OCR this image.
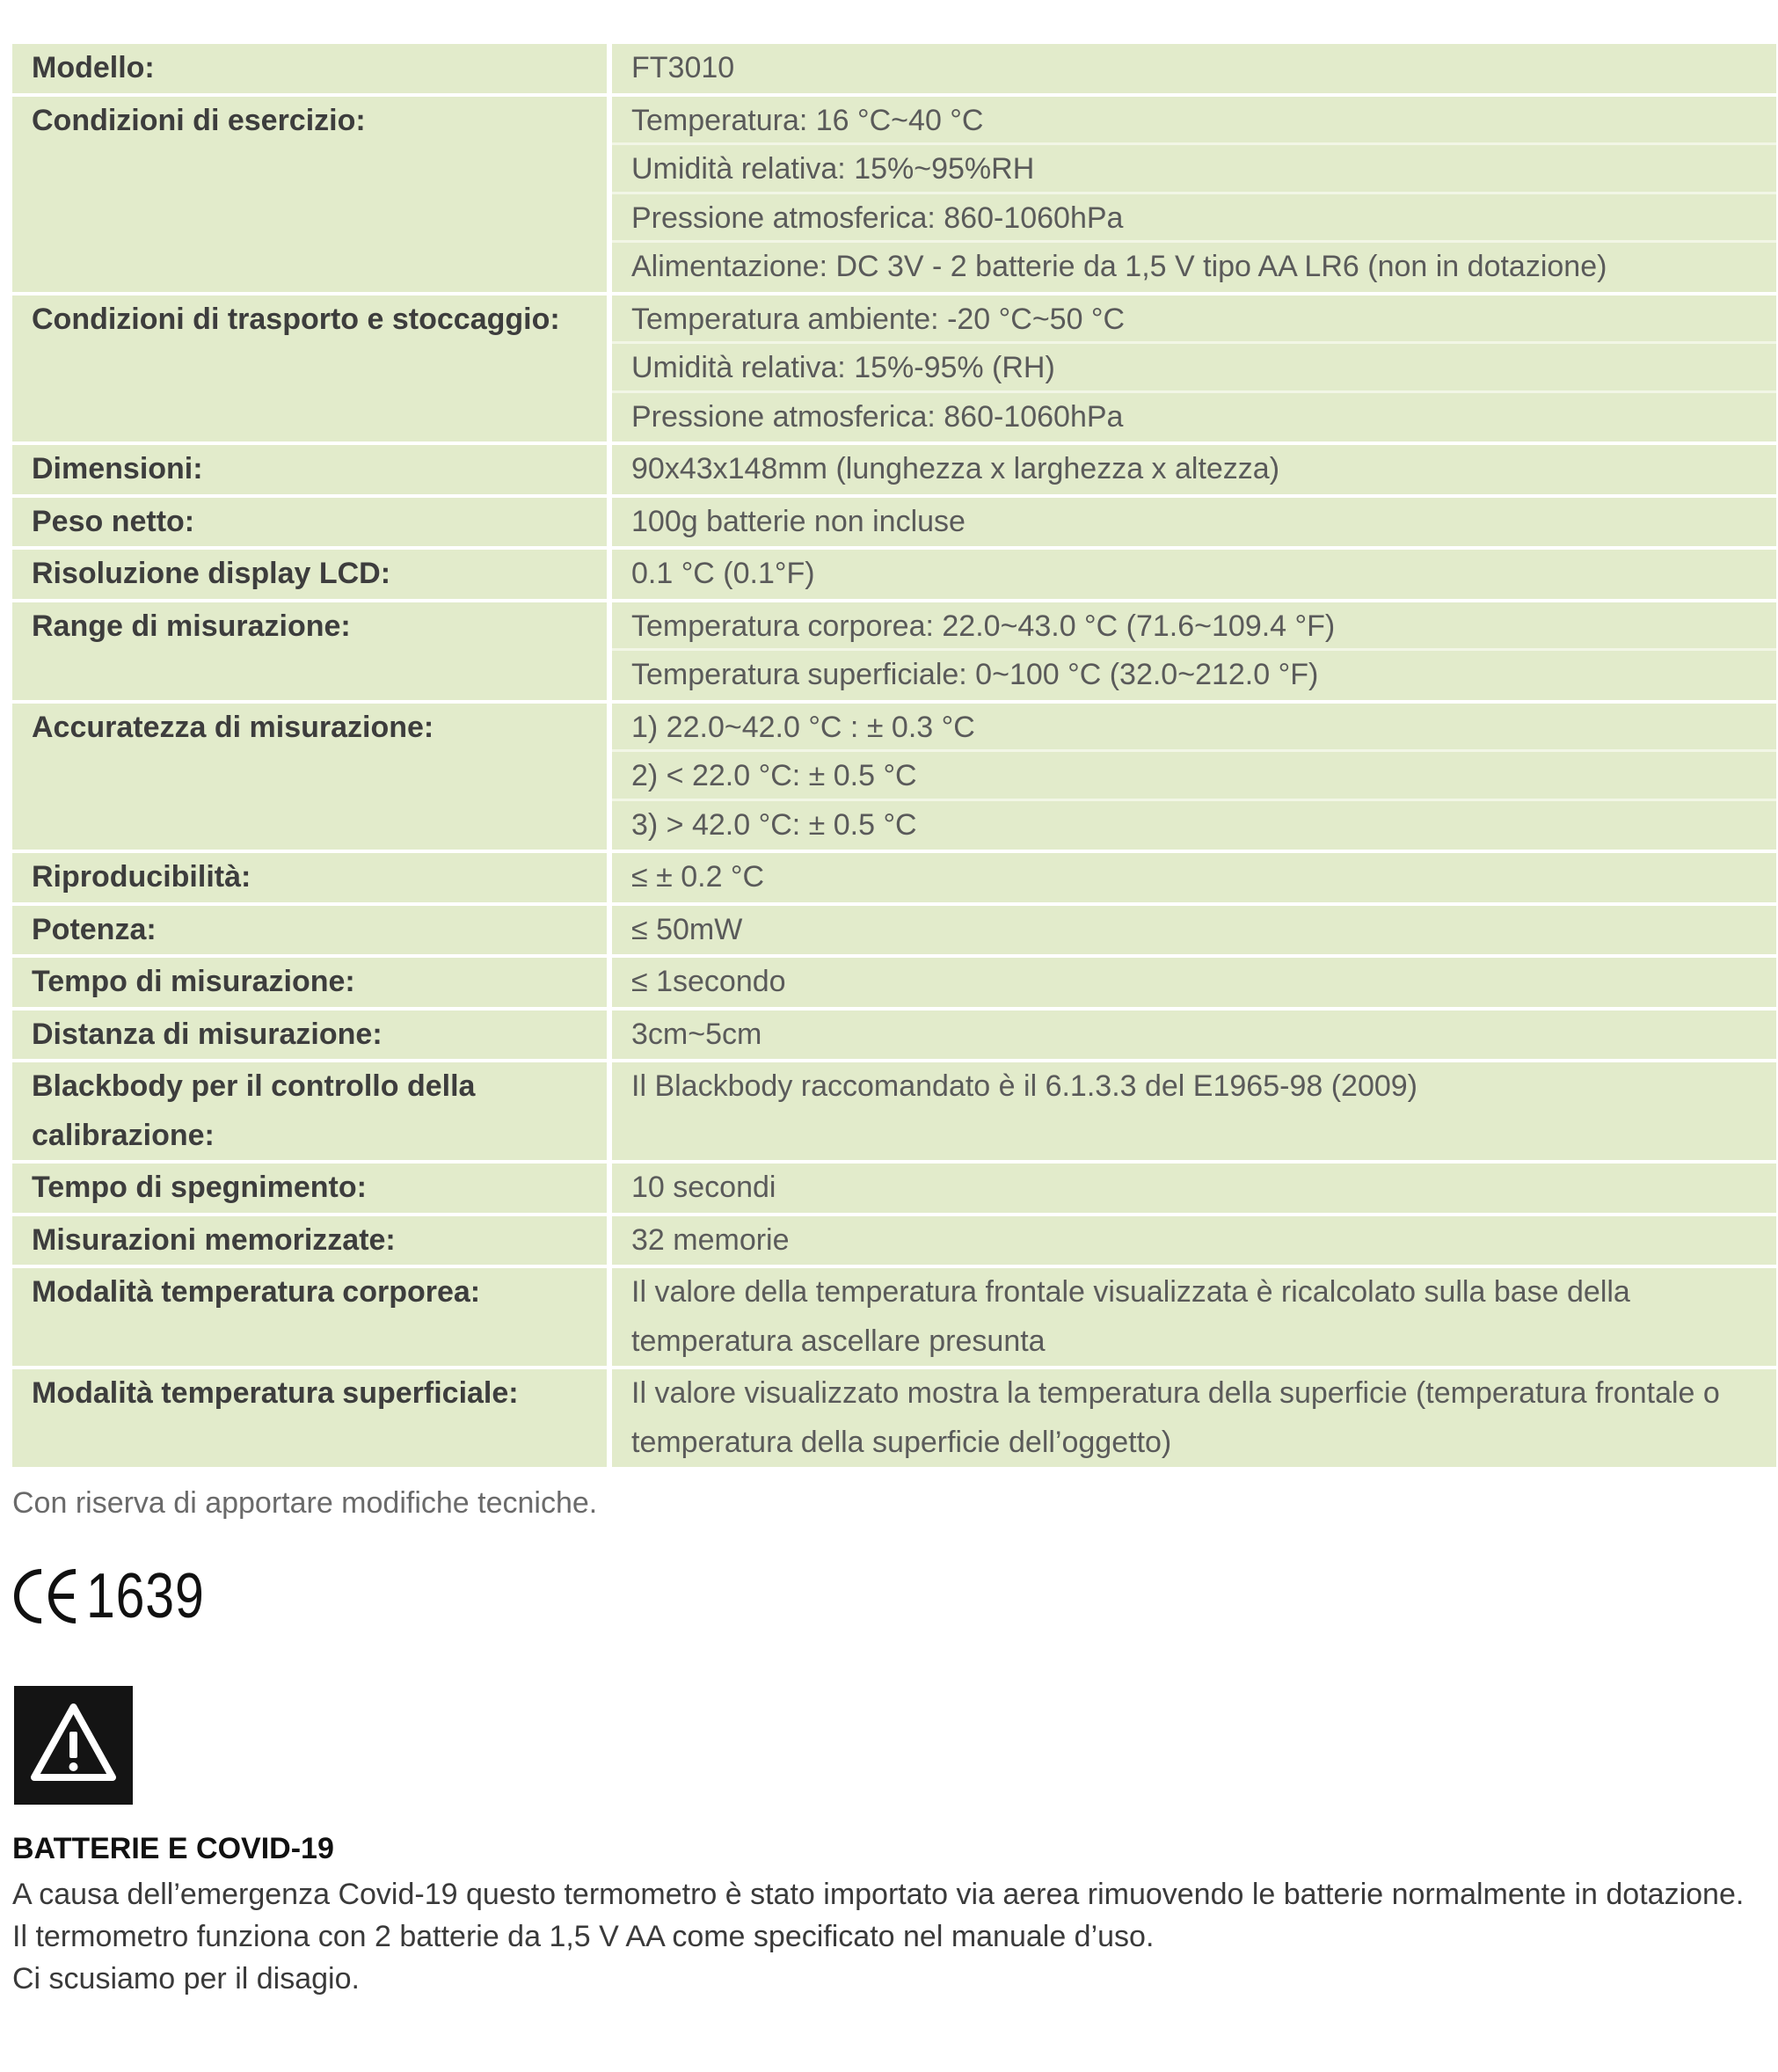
Modello:	FT3010

Condizioni di esercizio:	Temperatura: 16 °C~40 °C
Umidità relativa: 15%~95%RH
Pressione atmosferica: 860-1060hPa
Alimentazione: DC 3V - 2 batterie da 1,5 V tipo AA LR6 (non in dotazione)

Condizioni di trasporto e stoccaggio:	Temperatura ambiente: -20 °C~50 °C
Umidità relativa: 15%-95% (RH)
Pressione atmosferica: 860-1060hPa

Dimensioni:	90x43x148mm (lunghezza x larghezza x altezza)

Peso netto:	100g batterie non incluse

Risoluzione display LCD:	0.1 °C (0.1°F)

Range di misurazione:	Temperatura corporea: 22.0~43.0 °C (71.6~109.4 °F)
Temperatura superficiale: 0~100 °C (32.0~212.0 °F)

Accuratezza di misurazione:	1) 22.0~42.0 °C : ± 0.3 °C
2) < 22.0 °C: ± 0.5 °C
3) > 42.0 °C: ± 0.5 °C

Riproducibilità:	≤ ± 0.2 °C

Potenza:	≤ 50mW

Tempo di misurazione:	≤ 1secondo

Distanza di misurazione:	3cm~5cm

Blackbody per il controllo della calibrazione:	Il Blackbody raccomandato è il 6.1.3.3 del E1965-98 (2009)

Tempo di spegnimento:	10 secondi

Misurazioni memorizzate:	32 memorie

Modalità temperatura corporea:	Il valore della temperatura frontale visualizzata è ricalcolato sulla base della temperatura ascellare presunta

Modalità temperatura superficiale:	Il valore visualizzato mostra la temperatura della superficie (temperatura frontale o temperatura della superficie dell’oggetto)
Con riserva di apportare modifiche tecniche.
1639
BATTERIE E COVID-19
A causa dell’emergenza Covid-19 questo termometro è stato importato via aerea rimuovendo le batterie normalmente in dotazione.
Il termometro funziona con 2 batterie da 1,5 V AA come specificato nel manuale d’uso.
Ci scusiamo per il disagio.
